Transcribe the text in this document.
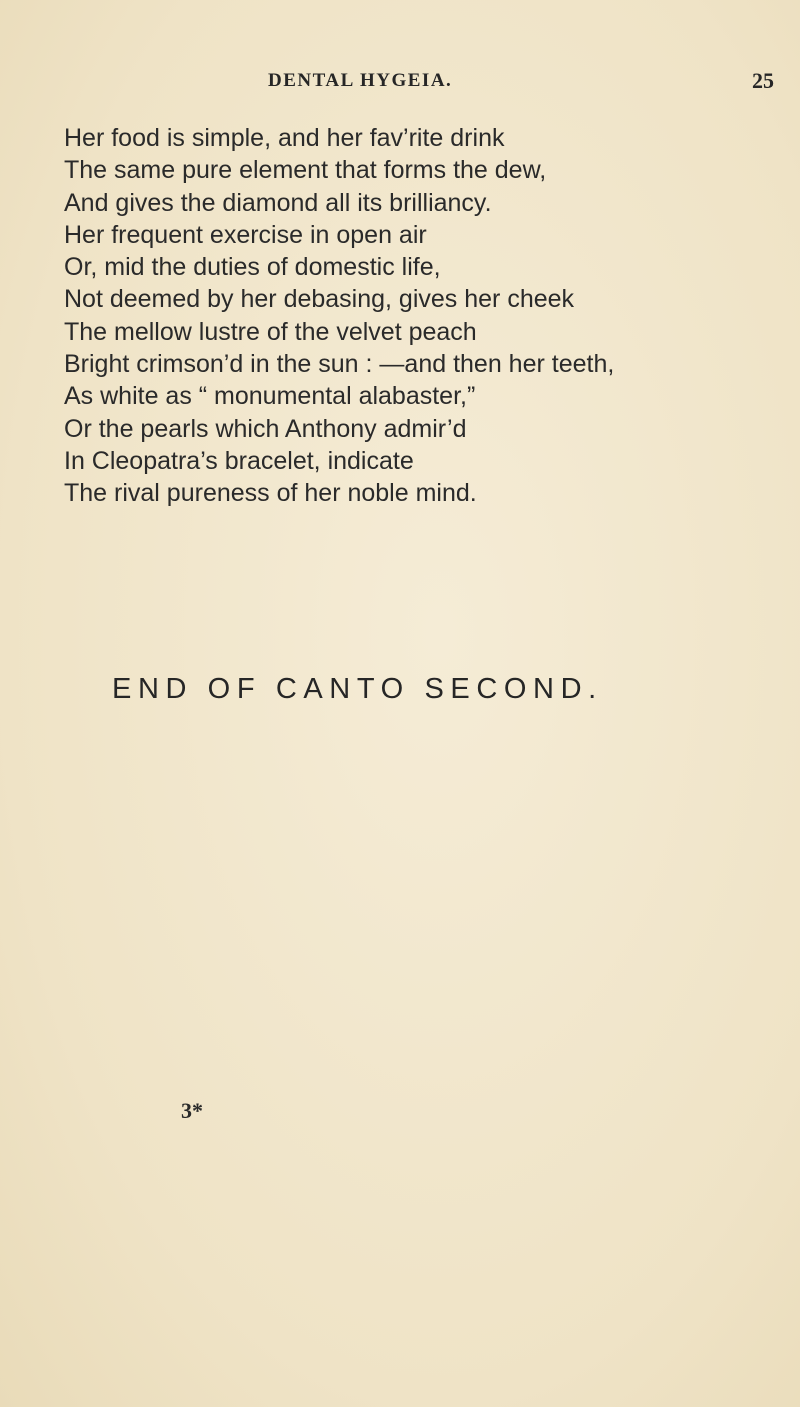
DENTAL HYGEIA.	25
Her food is simple, and her fav’rite drink
The same pure element that forms the dew,
And gives the diamond all its brilliancy.
Her frequent exercise in open air
Or, mid the duties of domestic life,
Not deemed by her debasing, gives her cheek
The mellow lustre of the velvet peach
Bright crimson’d in the sun : —and then her teeth,
As white as “ monumental alabaster,”
Or the pearls which Anthony admir’d
In Cleopatra’s bracelet, indicate
The rival pureness of her noble mind.
END OF CANTO SECOND.
3*
